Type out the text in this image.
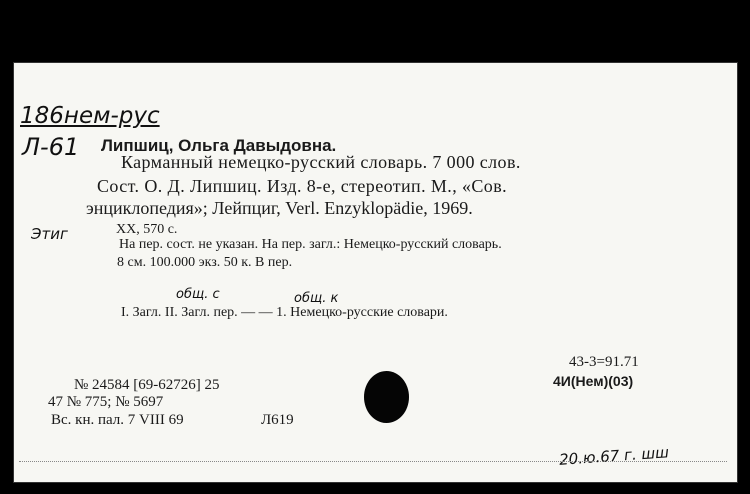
186нем-рус
Л-61 Липшиц, Ольга Давыдовна.
Карманный немецко-русский словарь. 7 000 слов.
Сост. О. Д. Липшиц. Изд. 8-е, стереотип. М., «Сов.
энциклопедия»; Лейпциг, Verl. Enzyklopädie, 1969.
Этиг	XX, 570 с.
На пер. сост. не указан. На пер. загл.: Немецко-русский словарь.
8 см. 100.000 экз. 50 к. В пер.
общ. с	общ. к
I. Загл. II. Загл. пер. — — 1. Немецко-русские словари.
43-3=91.71
4И(Нем)(03)
№ 24584 [69-62726] 25
47 № 775; № 5697
Вс. кн. пал. 7 VIII 69	Л619
20.ю.67 г. шш
